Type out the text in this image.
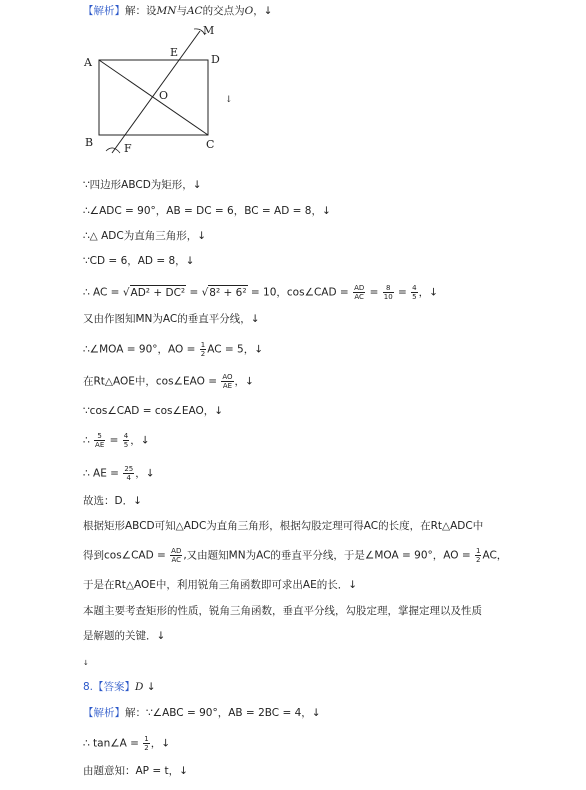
【解析】解：设MN与AC的交点为O，↓
A
B	C
D
E
F
M
O	↓
∵四边形ABCD为矩形，↓
∴∠ADC = 90°，AB = DC = 6，BC = AD = 8，↓
∴△ ADC为直角三角形，↓
∵CD = 6，AD = 8，↓
∴ AC = √AD² + DC² = √8² + 6² = 10，cos∠CAD = $\frac{AD}{AC} = \frac{8}{10} = \frac{4}{5}$ ，↓
又由作图知MN为AC的垂直平分线，↓
∴∠MOA = 90°，AO = $\frac{1}{2}$ AC = 5，↓
在Rt△AOE中，cos∠EAO = $\frac{AO}{AE}$ ，↓
∵cos∠CAD = cos∠EAO，↓
∴ $\frac{5}{AE} = \frac{4}{5}$ ，↓
∴ AE = $\frac{25}{4}$ ，↓
故选：D．↓
根据矩形ABCD可知△ADC为直角三角形，根据勾股定理可得AC的长度，在Rt△ADC中
得到cos∠CAD = $\frac{AD}{AC}$ ,又由题知MN为AC的垂直平分线，于是∠MOA = 90°，AO = $\frac{1}{2}$ AC，
于是在Rt△AOE中，利用锐角三角函数即可求出AE的长．↓
本题主要考查矩形的性质，锐角三角函数，垂直平分线，勾股定理，掌握定理以及性质
是解题的关键．↓
↓
8.【答案】D ↓
【解析】解：∵∠ABC = 90°，AB = 2BC = 4，↓
∴ tan∠A = $\frac{1}{2}$ ，↓
由题意知：AP = t，↓
